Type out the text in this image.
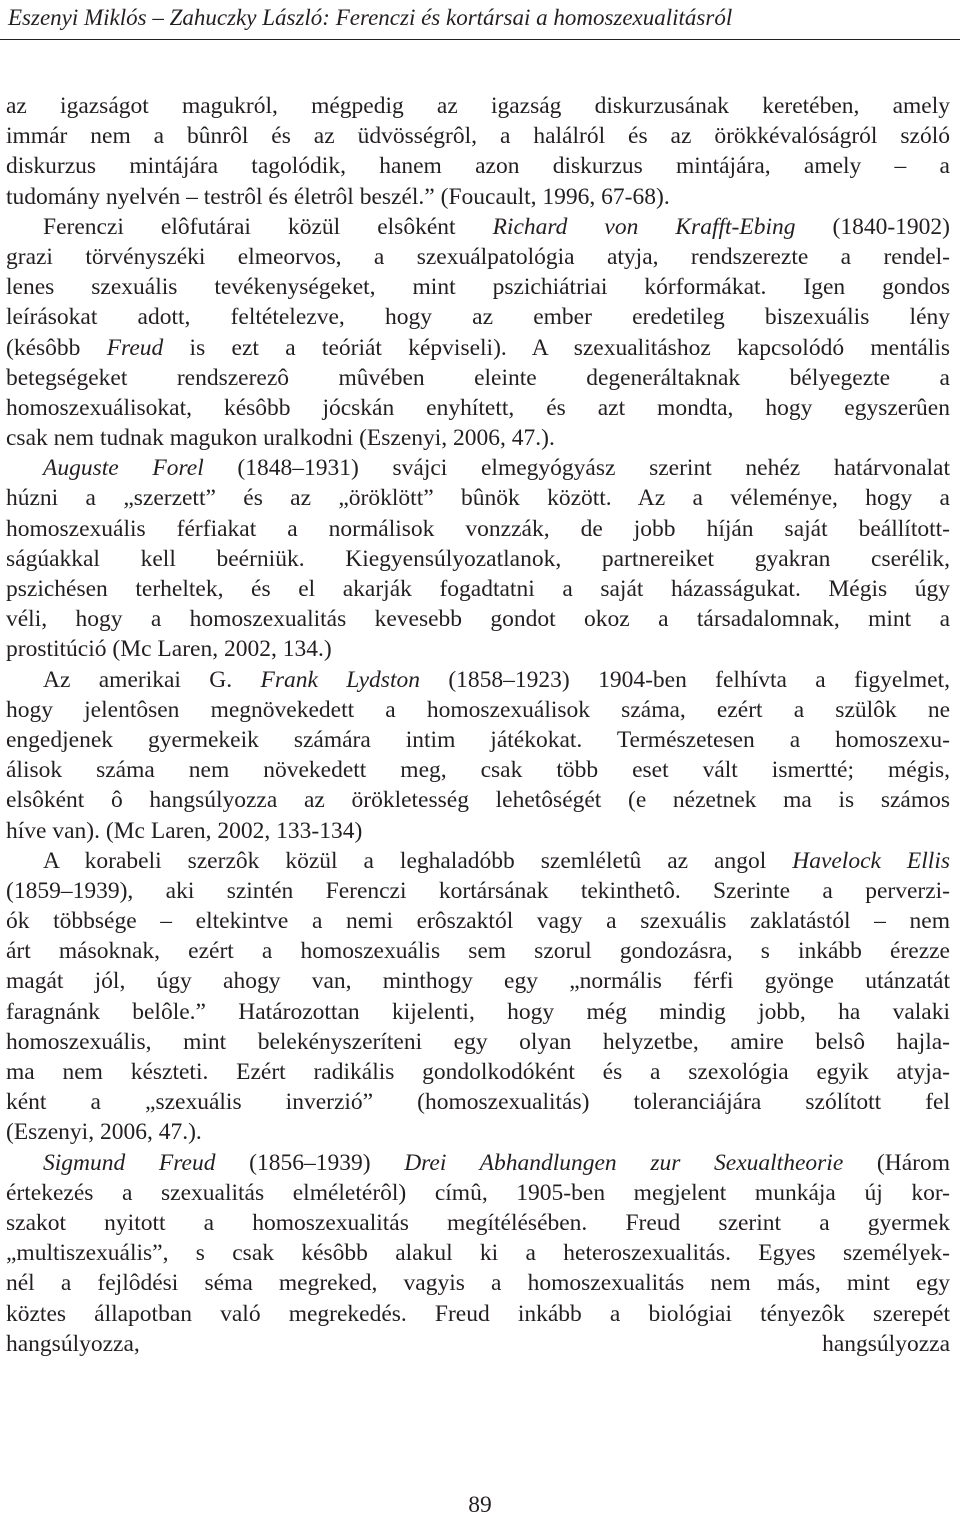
Eszenyi Miklós – Zahuczky László: Ferenczi és kortársai a homoszexualitásról
az igazságot magukról, mégpedig az igazság diskurzusának keretében, amely
immár nem a bûnrôl és az üdvösségrôl, a halálról és az örökkévalóságról szóló
diskurzus mintájára tagolódik, hanem azon diskurzus mintájára, amely – a
tudomány nyelvén – testrôl és életrôl beszél.” (Foucault, 1996, 67-68).
Ferenczi elôfutárai közül elsôként Richard von Krafft-Ebing (1840-1902)
grazi törvényszéki elmeorvos, a szexuálpatológia atyja, rendszerezte a rendel-
lenes szexuális tevékenységeket, mint pszichiátriai kórformákat. Igen gondos
leírásokat adott, feltételezve, hogy az ember eredetileg biszexuális lény
(késôbb Freud is ezt a teóriát képviseli). A szexualitáshoz kapcsolódó mentális
betegségeket rendszerezô mûvében eleinte degeneráltaknak bélyegezte a
homoszexuálisokat, késôbb jócskán enyhített, és azt mondta, hogy egyszerûen
csak nem tudnak magukon uralkodni (Eszenyi, 2006, 47.).
Auguste Forel (1848–1931) svájci elmegyógyász szerint nehéz határvonalat
húzni a „szerzett” és az „öröklött” bûnök között. Az a véleménye, hogy a
homoszexuális férfiakat a normálisok vonzzák, de jobb híján saját beállított-
ságúakkal kell beérniük. Kiegyensúlyozatlanok, partnereiket gyakran cserélik,
pszichésen terheltek, és el akarják fogadtatni a saját házasságukat. Mégis úgy
véli, hogy a homoszexualitás kevesebb gondot okoz a társadalomnak, mint a
prostitúció (Mc Laren, 2002, 134.)
Az amerikai G. Frank Lydston (1858–1923) 1904-ben felhívta a figyelmet,
hogy jelentôsen megnövekedett a homoszexuálisok száma, ezért a szülôk ne
engedjenek gyermekeik számára intim játékokat. Természetesen a homoszexu-
álisok száma nem növekedett meg, csak több eset vált ismertté; mégis,
elsôként ô hangsúlyozza az örökletesség lehetôségét (e nézetnek ma is számos
híve van). (Mc Laren, 2002, 133-134)
A korabeli szerzôk közül a leghaladóbb szemléletû az angol Havelock Ellis
(1859–1939), aki szintén Ferenczi kortársának tekinthetô. Szerinte a perverzi-
ók többsége – eltekintve a nemi erôszaktól vagy a szexuális zaklatástól – nem
árt másoknak, ezért a homoszexuális sem szorul gondozásra, s inkább érezze
magát jól, úgy ahogy van, minthogy egy „normális férfi gyönge utánzatát
faragnánk belôle.” Határozottan kijelenti, hogy még mindig jobb, ha valaki
homoszexuális, mint belekényszeríteni egy olyan helyzetbe, amire belsô hajla-
ma nem készteti. Ezért radikális gondolkodóként és a szexológia egyik atyja-
ként a „szexuális inverzió” (homoszexualitás) toleranciájára szólított fel
(Eszenyi, 2006, 47.).
Sigmund Freud (1856–1939) Drei Abhandlungen zur Sexualtheorie (Három
értekezés a szexualitás elméletérôl) címû, 1905-ben megjelent munkája új kor-
szakot nyitott a homoszexualitás megítélésében. Freud szerint a gyermek
„multiszexuális”, s csak késôbb alakul ki a heteroszexualitás. Egyes személyek-
nél a fejlôdési séma megreked, vagyis a homoszexualitás nem más, mint egy
köztes állapotban való megrekedés. Freud inkább a biológiai tényezôk szerepét
hangsúlyozza, hangsúlyozza
89
